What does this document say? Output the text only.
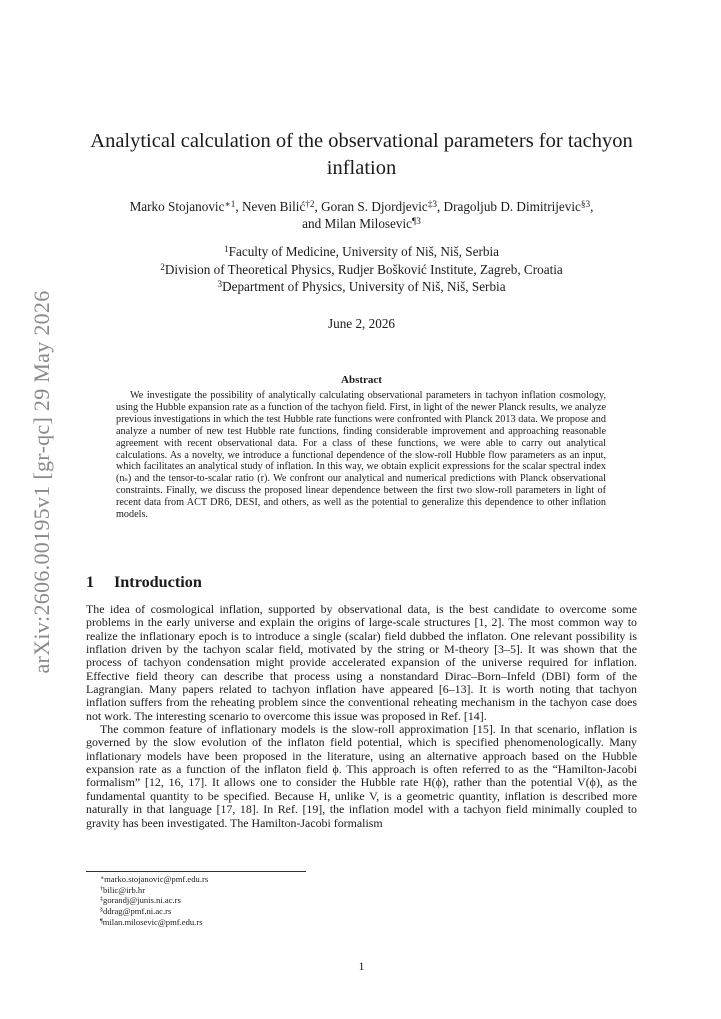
arXiv:2606.00195v1 [gr-qc] 29 May 2026
Analytical calculation of the observational parameters for tachyon inflation
Marko Stojanovic$^{∗1}$, Neven Bilić$^{\dagger 2}$, Goran S. Djordjevic$^{\ddagger 3}$, Dragoljub D. Dimitrijevic$^{\S 3}$,
and Milan Milosevic$^{\P 3}$
$^1$Faculty of Medicine, University of Niš, Niš, Serbia
$^2$Division of Theoretical Physics, Rudjer Bošković Institute, Zagreb, Croatia
$^3$Department of Physics, University of Niš, Niš, Serbia
June 2, 2026
Abstract

We investigate the possibility of analytically calculating observational parameters in tachyon inflation cosmology, using the Hubble expansion rate as a function of the tachyon field. First, in light of the newer Planck results, we analyze previous investigations in which the test Hubble rate functions were confronted with Planck 2013 data. We propose and analyze a number of new test Hubble rate functions, finding considerable improvement and approaching reasonable agreement with recent observational data. For a class of these functions, we were able to carry out analytical calculations. As a novelty, we introduce a functional dependence of the slow-roll Hubble flow parameters as an input, which facilitates an analytical study of inflation. In this way, we obtain explicit expressions for the scalar spectral index (nₛ) and the tensor-to-scalar ratio (r). We confront our analytical and numerical predictions with Planck observational constraints. Finally, we discuss the proposed linear dependence between the first two slow-roll parameters in light of recent data from ACT DR6, DESI, and others, as well as the potential to generalize this dependence to other inflation models.

1 Introduction

The idea of cosmological inflation, supported by observational data, is the best candidate to overcome some problems in the early universe and explain the origins of large-scale structures [1, 2]. The most common way to realize the inflationary epoch is to introduce a single (scalar) field dubbed the inflaton. One relevant possibility is inflation driven by the tachyon scalar field, motivated by the string or M-theory [3–5]. It was shown that the process of tachyon condensation might provide accelerated expansion of the universe required for inflation. Effective field theory can describe that process using a nonstandard Dirac–Born–Infeld (DBI) form of the Lagrangian. Many papers related to tachyon inflation have appeared [6–13]. It is worth noting that tachyon inflation suffers from the reheating problem since the conventional reheating mechanism in the tachyon case does not work. The interesting scenario to overcome this issue was proposed in Ref. [14].

The common feature of inflationary models is the slow-roll approximation [15]. In that scenario, inflation is governed by the slow evolution of the inflaton field potential, which is specified phenomenologically. Many inflationary models have been proposed in the literature, using an alternative approach based on the Hubble expansion rate as a function of the inflaton field ϕ. This approach is often referred to as the “Hamilton-Jacobi formalism” [12, 16, 17]. It allows one to consider the Hubble rate H(ϕ), rather than the potential V(ϕ), as the fundamental quantity to be specified. Because H, unlike V, is a geometric quantity, inflation is described more naturally in that language [17, 18]. In Ref. [19], the inflation model with a tachyon field minimally coupled to gravity has been investigated. The Hamilton-Jacobi formalism

∗marko.stojanovic@pmf.edu.rs
†bilic@irb.hr
‡gorandj@junis.ni.ac.rs
§ddrag@pmf.ni.ac.rs
¶milan.milosevic@pmf.edu.rs
1
